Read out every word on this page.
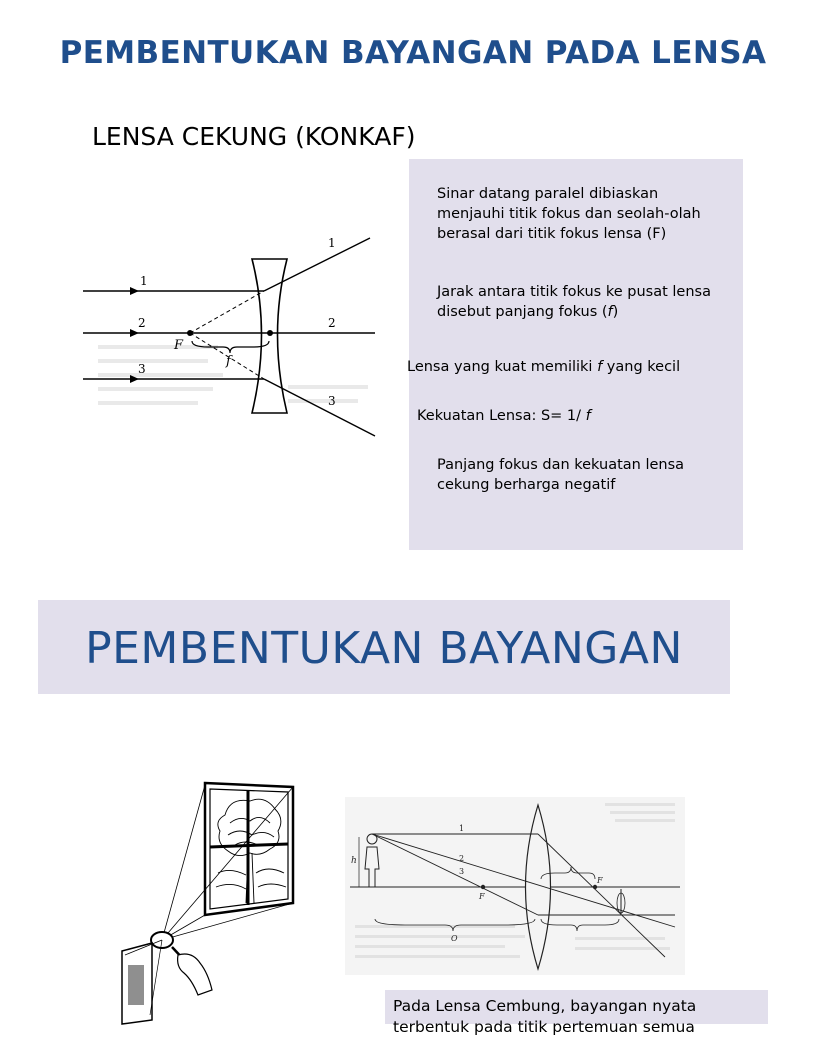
PEMBENTUKAN BAYANGAN PADA LENSA

LENSA CEKUNG (KONKAF)

1
2
3
1
2
3
F
f

Sinar datang paralel dibiaskan menjauhi titik fokus dan seolah-olah berasal dari titik fokus lensa (F)

Jarak antara titik fokus ke pusat lensa disebut panjang fokus (f)

Lensa yang kuat memiliki f yang kecil

Kekuatan Lensa: S= 1/ f

Panjang fokus dan kekuatan lensa cekung berharga negatif

PEMBENTUKAN BAYANGAN

h
F
F
O
1
2
3

Pada Lensa Cembung, bayangan nyata terbentuk pada titik pertemuan semua
